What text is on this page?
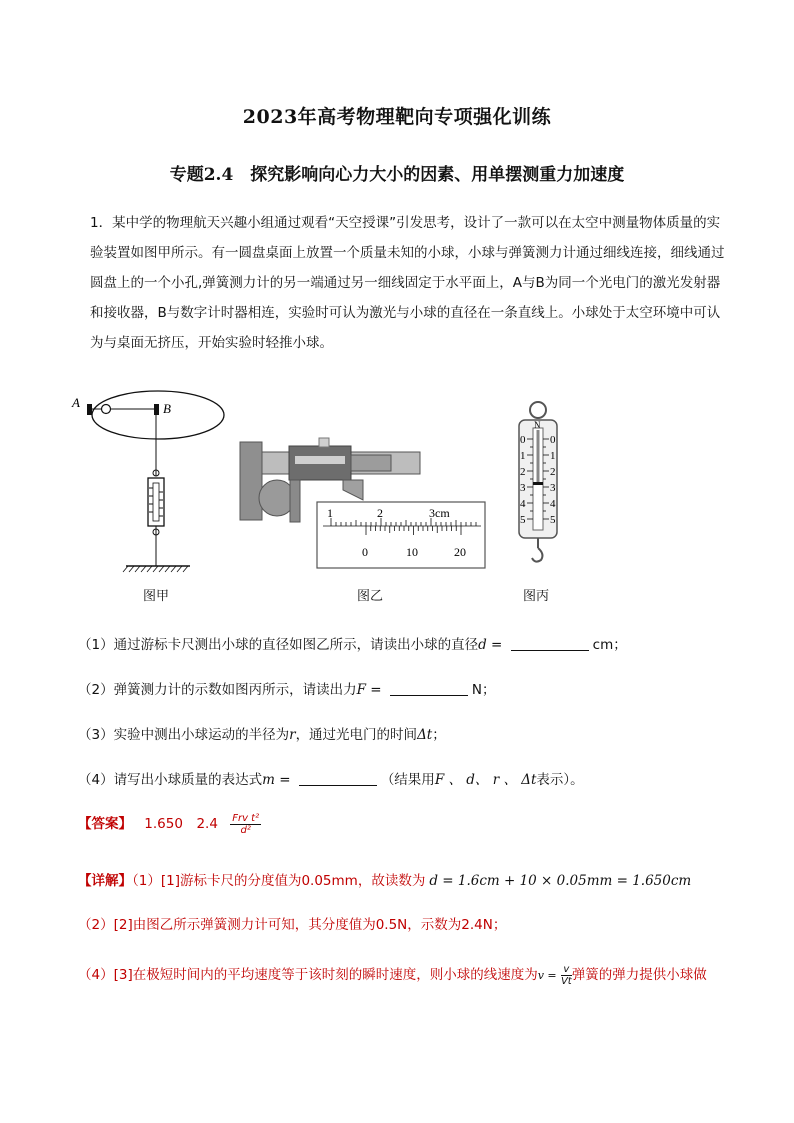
2023年高考物理靶向专项强化训练
专题2.4　探究影响向心力大小的因素、用单摆测重力加速度
1．某中学的物理航天兴趣小组通过观看“天空授课”引发思考，设计了一款可以在太空中测量物体质量的实验装置如图甲所示。有一圆盘桌面上放置一个质量未知的小球，小球与弹簧测力计通过细线连接，细线通过圆盘上的一个小孔,弹簧测力计的另一端通过另一细线固定于水平面上，A与B为同一个光电门的激光发射器和接收器，B与数字计时器相连，实验时可认为激光与小球的直径在一条直线上。小球处于太空环境中可认为与桌面无挤压，开始实验时轻推小球。
A	B
1	2	3cm
0	10	20
N
0
1
2
3
4
5
0
1
2
3
4
5
图甲	图乙	图丙
（1）通过游标卡尺测出小球的直径如图乙所示，请读出小球的直径d =	cm；
（2）弹簧测力计的示数如图丙所示，请读出力F =	N；
（3）实验中测出小球运动的半径为r，通过光电门的时间Δt；
（4）请写出小球质量的表达式m =	（结果用F 、 d、 r 、 Δt表示）。
【答案】 1.650　$2.4 \frac{\text{Frv t²}}{\text{d²}}$
【详解】（1）[1]游标卡尺的分度值为0.05mm，故读数为 d = 1.6cm + 10 × 0.05mm = 1.650cm
（2）[2]由图乙所示弹簧测力计可知，其分度值为0.5N，示数为2.4N；
（4）[3]在极短时间内的平均速度等于该时刻的瞬时速度，则小球的线速度为$v = \frac{v}{Vt}$弹簧的弹力提供小球做
